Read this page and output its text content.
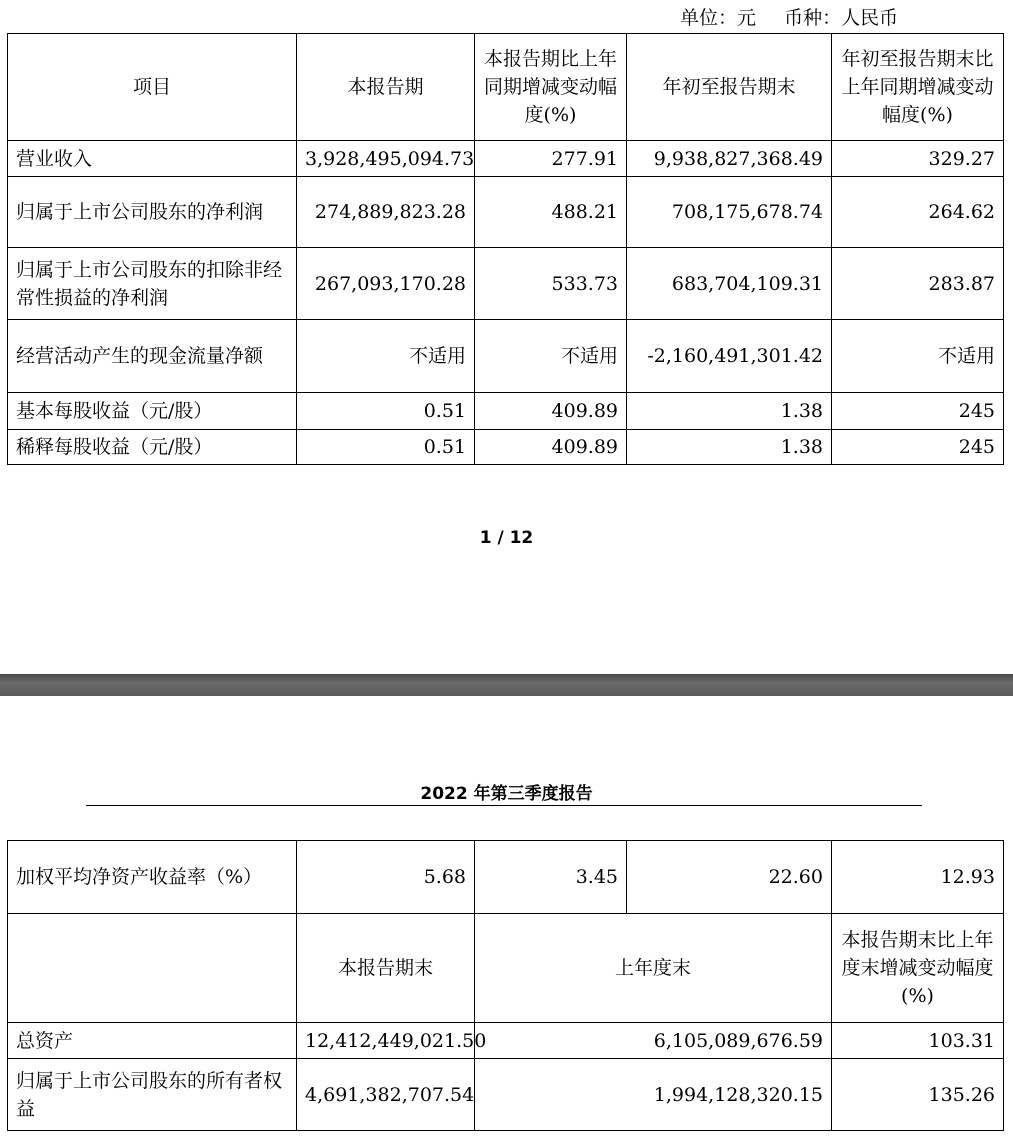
单位：元 币种：人民币
项目	本报告期	本报告期比上年同期增减变动幅度(%)	年初至报告期末	年初至报告期末比上年同期增减变动幅度(%)
营业收入	3,928,495,094.73	277.91	9,938,827,368.49	329.27
归属于上市公司股东的净利润	274,889,823.28	488.21	708,175,678.74	264.62
归属于上市公司股东的扣除非经常性损益的净利润	267,093,170.28	533.73	683,704,109.31	283.87
经营活动产生的现金流量净额	不适用	不适用	-2,160,491,301.42	不适用
基本每股收益（元/股）	0.51	409.89	1.38	245
稀释每股收益（元/股）	0.51	409.89	1.38	245
1 / 12
2022 年第三季度报告
加权平均净资产收益率（%）	5.68	3.45	22.60	12.93
	本报告期末	上年度末		本报告期末比上年度末增减变动幅度(%)
总资产	12,412,449,021.50	6,105,089,676.59		103.31
归属于上市公司股东的所有者权益	4,691,382,707.54	1,994,128,320.15		135.26
